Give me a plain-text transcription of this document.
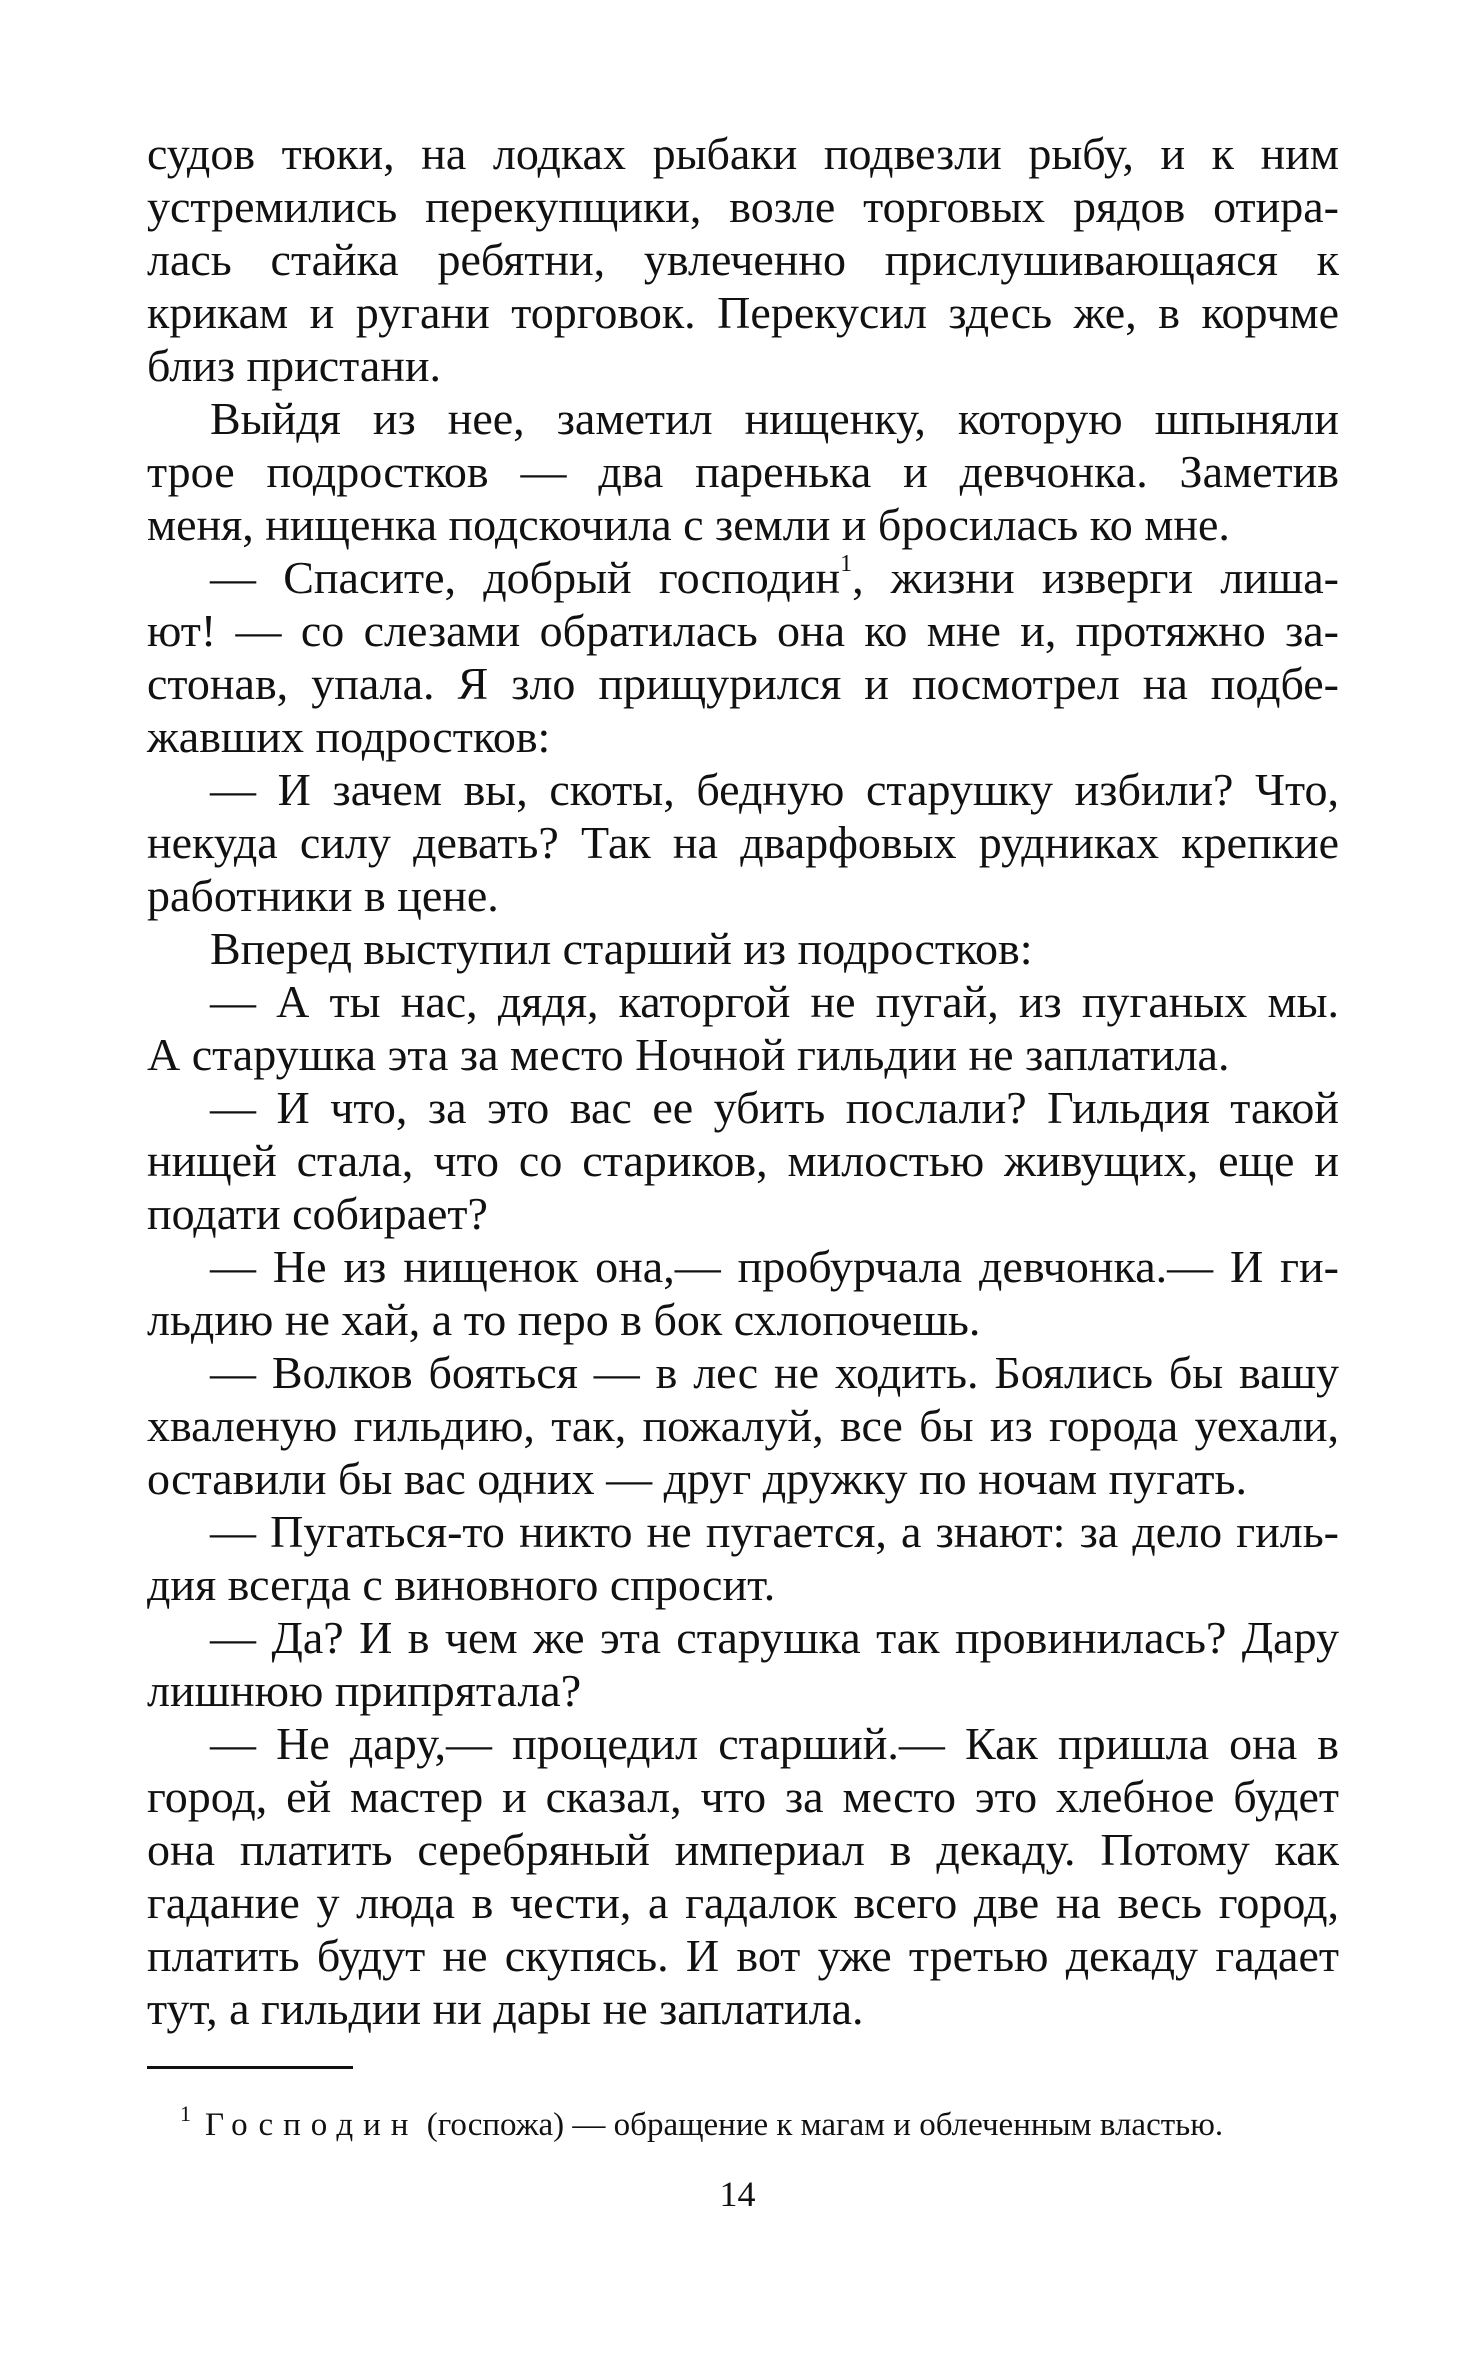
судов тюки, на лодках рыбаки подвезли рыбу, и к ним
устремились перекупщики, возле торговых рядов отира-
лась стайка ребятни, увлеченно прислушивающаяся к
крикам и ругани торговок. Перекусил здесь же, в корчме
близ пристани.
Выйдя из нее, заметил нищенку, которую шпыняли
трое подростков — два паренька и девчонка. Заметив
меня, нищенка подскочила с земли и бросилась ко мне.
— Спасите, добрый господин$^1$, жизни изверги лиша-
ют! — со слезами обратилась она ко мне и, протяжно за-
стонав, упала. Я зло прищурился и посмотрел на подбе-
жавших подростков:
— И зачем вы, скоты, бедную старушку избили? Что,
некуда силу девать? Так на дварфовых рудниках крепкие
работники в цене.
Вперед выступил старший из подростков:
— А ты нас, дядя, каторгой не пугай, из пуганых мы.
А старушка эта за место Ночной гильдии не заплатила.
— И что, за это вас ее убить послали? Гильдия такой
нищей стала, что со стариков, милостью живущих, еще и
подати собирает?
— Не из нищенок она,— пробурчала девчонка.— И ги-
льдию не хай, а то перо в бок схлопочешь.
— Волков бояться — в лес не ходить. Боялись бы вашу
хваленую гильдию, так, пожалуй, все бы из города уехали,
оставили бы вас одних — друг дружку по ночам пугать.
— Пугаться-то никто не пугается, а знают: за дело гиль-
дия всегда с виновного спросит.
— Да? И в чем же эта старушка так провинилась? Дару
лишнюю припрятала?
— Не дару,— процедил старший.— Как пришла она в
город, ей мастер и сказал, что за место это хлебное будет
она платить серебряный империал в декаду. Потому как
гадание у люда в чести, а гадалок всего две на весь город,
платить будут не скупясь. И вот уже третью декаду гадает
тут, а гильдии ни дары не заплатила.
$^1$ Господин (госпожа) — обращение к магам и облеченным властью.
14
